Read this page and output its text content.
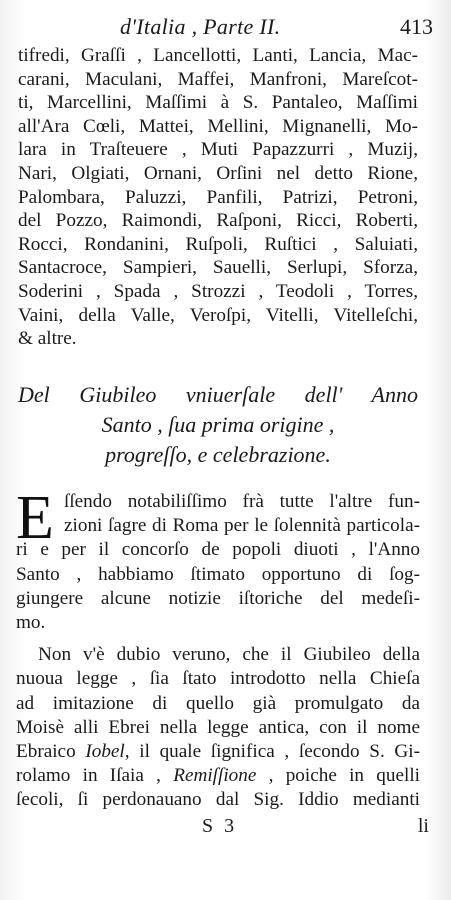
d'Italia , Parte II.	413
tifredi, Graſſi , Lancellotti, Lanti, Lancia, Mac-
carani, Maculani, Maffei, Manfroni, Mareſcot-
ti, Marcellini, Maſſimi à S. Pantaleo, Maſſimi
all'Ara Cœli, Mattei, Mellini, Mignanelli, Mo-
lara in Traſteuere , Muti Papazzurri , Muzij,
Nari, Olgiati, Ornani, Orſini nel detto Rione,
Palombara, Paluzzi, Panfili, Patrizi, Petroni,
del Pozzo, Raimondi, Raſponi, Ricci, Roberti,
Rocci, Rondanini, Ruſpoli, Ruſtici , Saluiati,
Santacroce, Sampieri, Sauelli, Serlupi, Sforza,
Soderini , Spada , Strozzi , Teodoli , Torres,
Vaini, della Valle, Veroſpi, Vitelli, Vitelleſchi,
& altre.
Del Giubileo vniuerſale dell' Anno
Santo , ſua prima origine ,
progreſſo, e celebrazione.
E ſſendo notabiliſſimo frà tutte l'altre fun-
zioni ſagre di Roma per le ſolennità particola-
ri e per il concorſo de popoli diuoti , l'Anno
Santo , habbiamo ſtimato opportuno di ſog-
giungere alcune notizie iſtoriche del medeſi-
mo.
Non v'è dubio veruno, che il Giubileo della
nuoua legge , ſia ſtato introdotto nella Chieſa
ad imitazione di quello già promulgato da
Moisè alli Ebrei nella legge antica, con il nome
Ebraico Iobel, il quale ſignifica , ſecondo S. Gi-
rolamo in Iſaia , Remiſſione , poiche in quelli
ſecoli, ſi perdonauano dal Sig. Iddio medianti
S 3	li
